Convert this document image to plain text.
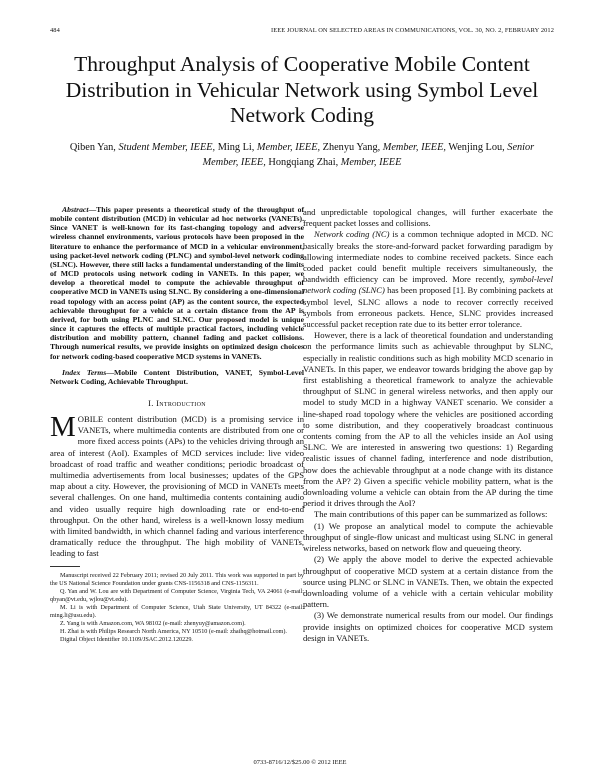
484	IEEE JOURNAL ON SELECTED AREAS IN COMMUNICATIONS, VOL. 30, NO. 2, FEBRUARY 2012
Throughput Analysis of Cooperative Mobile Content Distribution in Vehicular Network using Symbol Level Network Coding
Qiben Yan, Student Member, IEEE, Ming Li, Member, IEEE, Zhenyu Yang, Member, IEEE, Wenjing Lou, Senior Member, IEEE, Hongqiang Zhai, Member, IEEE

Abstract—This paper presents a theoretical study of the throughput of mobile content distribution (MCD) in vehicular ad hoc networks (VANETs). Since VANET is well-known for its fast-changing topology and adverse wireless channel environments, various protocols have been proposed in the literature to enhance the performance of MCD in a vehicular environment, using packet-level network coding (PLNC) and symbol-level network coding (SLNC). However, there still lacks a fundamental understanding of the limits of MCD protocols using network coding in VANETs. In this paper, we develop a theoretical model to compute the achievable throughput of cooperative MCD in VANETs using SLNC. By considering a one-dimensional road topology with an access point (AP) as the content source, the expected achievable throughput for a vehicle at a certain distance from the AP is derived, for both using PLNC and SLNC. Our proposed model is unique since it captures the effects of multiple practical factors, including vehicle distribution and mobility pattern, channel fading and packet collisions. Through numerical results, we provide insights on optimized design choices for network coding-based cooperative MCD systems in VANETs.

Index Terms—Mobile Content Distribution, VANET, Symbol-Level Network Coding, Achievable Throughput.

I. Introduction

MOBILE content distribution (MCD) is a promising service in VANETs, where multimedia contents are distributed from one or more fixed access points (APs) to the vehicles driving through an area of interest (AoI). Examples of MCD services include: live video broadcast of road traffic and weather conditions; periodic broadcast of multimedia advertisements from local businesses; updates of the GPS map about a city. However, the provisioning of MCD in VANETs meets several challenges. On one hand, multimedia contents containing audio and video usually require high downloading rate or end-to-end throughput. On the other hand, wireless is a well-known lossy medium with limited bandwidth, in which channel fading and various interference dramatically reduce the throughput. The high mobility of VANETs, leading to fast

Manuscript received 22 February 2011; revised 20 July 2011. This work was supported in part by the US National Science Foundation under grants CNS-1156318 and CNS-1156311.

Q. Yan and W. Lou are with Department of Computer Science, Virginia Tech, VA 24061 (e-mail: qbyan@vt.edu, wjlou@vt.edu).

M. Li is with Department of Computer Science, Utah State University, UT 84322 (e-mail: ming.li@usu.edu).

Z. Yang is with Amazon.com, WA 98102 (e-mail: zhenyuy@amazon.com).

H. Zhai is with Philips Research North America, NY 10510 (e-mail: zhaihq@hotmail.com).

Digital Object Identifier 10.1109/JSAC.2012.120229.

and unpredictable topological changes, will further exacerbate the frequent packet losses and collisions.

Network coding (NC) is a common technique adopted in MCD. NC basically breaks the store-and-forward packet forwarding paradigm by allowing intermediate nodes to combine received packets. Since each coded packet could benefit multiple receivers simultaneously, the bandwidth efficiency can be improved. More recently, symbol-level network coding (SLNC) has been proposed [1]. By combining packets at symbol level, SLNC allows a node to recover correctly received symbols from erroneous packets. Hence, SLNC provides increased successful packet reception rate due to its better error tolerance.

However, there is a lack of theoretical foundation and understanding on the performance limits such as achievable throughput by SLNC, especially in realistic conditions such as high mobility MCD scenario in VANETs. In this paper, we endeavor towards bridging the above gap by first establishing a theoretical framework to analyze the achievable throughput of SLNC in general wireless networks, and then apply our model to study MCD in a highway VANET scenario. We consider a line-shaped road topology where the vehicles are positioned according to some distribution, and they cooperatively broadcast continuous contents coming from the AP to all the vehicles inside an AoI using SLNC. We are interested in answering two questions: 1) Regarding realistic issues of channel fading, interference and node distribution, how does the achievable throughput at a node change with its distance from the AP? 2) Given a specific vehicle mobility pattern, what is the downloading volume a vehicle can obtain from the AP during the time period it drives through the AoI?

The main contributions of this paper can be summarized as follows:

(1) We propose an analytical model to compute the achievable throughput of single-flow unicast and multicast using SLNC in general wireless networks, based on network flow and queueing theory.

(2) We apply the above model to derive the expected achievable throughput of cooperative MCD system at a certain distance from the source using PLNC or SLNC in VANETs. Then, we obtain the expected downloading volume of a vehicle with a certain vehicular mobility pattern.

(3) We demonstrate numerical results from our model. Our findings provide insights on optimized choices for cooperative MCD system design in VANETs.

0733-8716/12/$25.00 © 2012 IEEE
